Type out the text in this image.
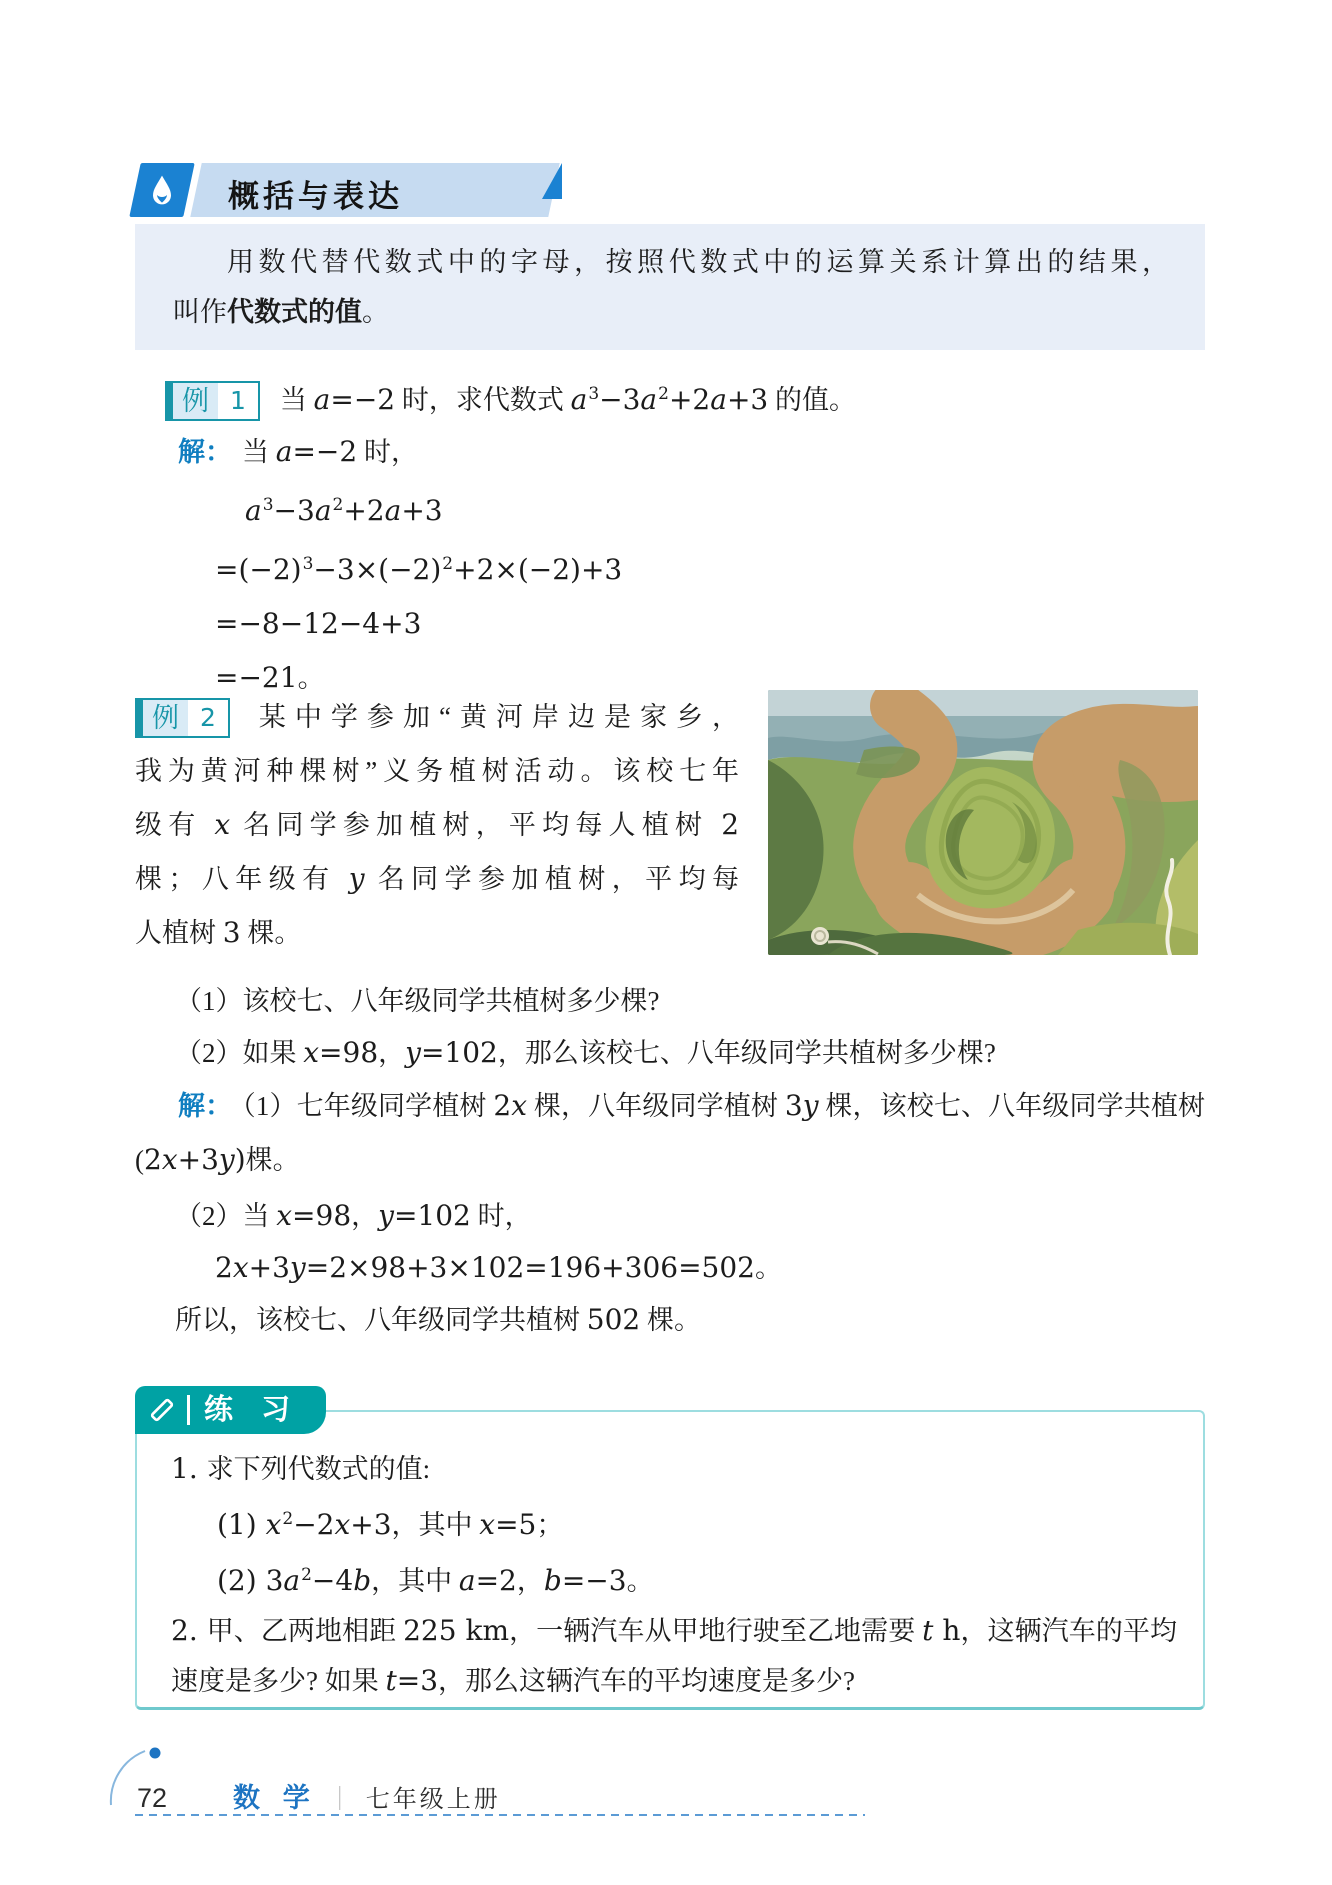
概括与表达
用数代替代数式中的字母，按照代数式中的运算关系计算出的结果，
叫作代数式的值。
例 1	当 a=−2 时，求代数式 $a^3-3a^2+2a+3$ 的值。
解： 当 a=−2 时，
$a^3-3a^2+2a+3$
$=(-2)^3-3\times(-2)^2+2\times(-2)+3$
=−8−12−4+3
=−21。
例 2	某中学参加“黄河岸边是家乡，
我为黄河种棵树”义务植树活动。该校七年
级有 x 名同学参加植树，平均每人植树 2
棵；八年级有 y 名同学参加植树，平均每
人植树 3 棵。
（1）该校七、八年级同学共植树多少棵?
（2）如果 x=98，y=102，那么该校七、八年级同学共植树多少棵?
解： （1）七年级同学植树 2x 棵，八年级同学植树 3y 棵，该校七、八年级同学共植树(2x+3y)棵。
（2）当 x=98，y=102 时，
2x+3y=2×98+3×102=196+306=502。
所以，该校七、八年级同学共植树 502 棵。
练 习
1. 求下列代数式的值:
(1) $x^2-2x+3$，其中 x=5；
(2) $3a^2-4b$，其中 a=2，b=−3。
2. 甲、乙两地相距 225 km，一辆汽车从甲地行驶至乙地需要 t h，这辆汽车的平均速度是多少? 如果 t=3，那么这辆汽车的平均速度是多少?
72 数 学 ｜ 七年级上册
